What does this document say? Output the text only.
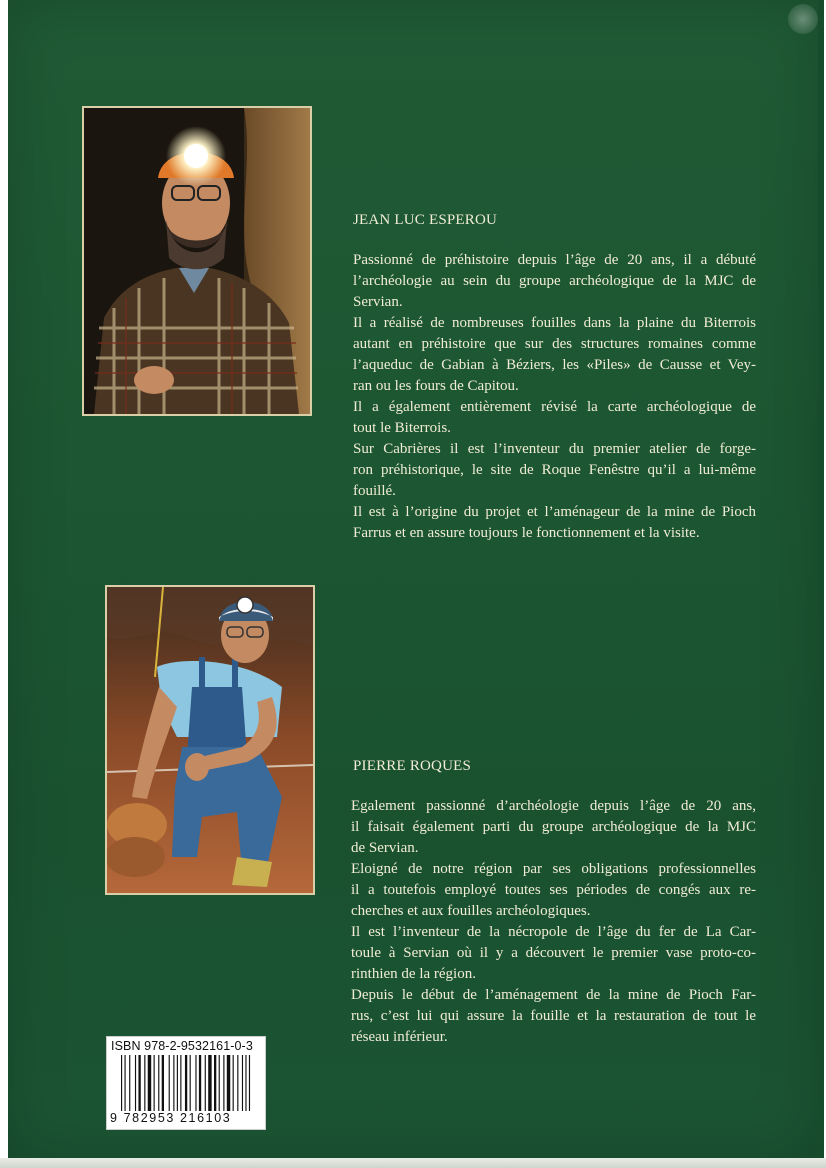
JEAN LUC ESPEROU
Passionné de préhistoire depuis l’âge de 20 ans, il a débuté
l’archéologie au sein du groupe archéologique de la MJC de
Servian.
Il a réalisé de nombreuses fouilles dans la plaine du Biterrois
autant en préhistoire que sur des structures romaines comme
l’aqueduc de Gabian à Béziers, les «Piles» de Causse et Vey-
ran ou les fours de Capitou.
Il a également entièrement révisé la carte archéologique de
tout le Biterrois.
Sur Cabrières il est l’inventeur du premier atelier de forge-
ron préhistorique, le site de Roque Fenêstre qu’il a lui-même
fouillé.
Il est à l’origine du projet et l’aménageur de la mine de Pioch
Farrus et en assure toujours le fonctionnement et la visite.
PIERRE ROQUES
Egalement passionné d’archéologie depuis l’âge de 20 ans,
il faisait également parti du groupe archéologique de la MJC
de Servian.
Eloigné de notre région par ses obligations professionnelles
il a toutefois employé toutes ses périodes de congés aux re-
cherches et aux fouilles archéologiques.
Il est l’inventeur de la nécropole de l’âge du fer de La Car-
toule à Servian où il y a découvert le premier vase proto-co-
rinthien de la région.
Depuis le début de l’aménagement de la mine de Pioch Far-
rus, c’est lui qui assure la fouille et la restauration de tout le
réseau inférieur.
ISBN 978-2-9532161-0-3
9 782953 216103
